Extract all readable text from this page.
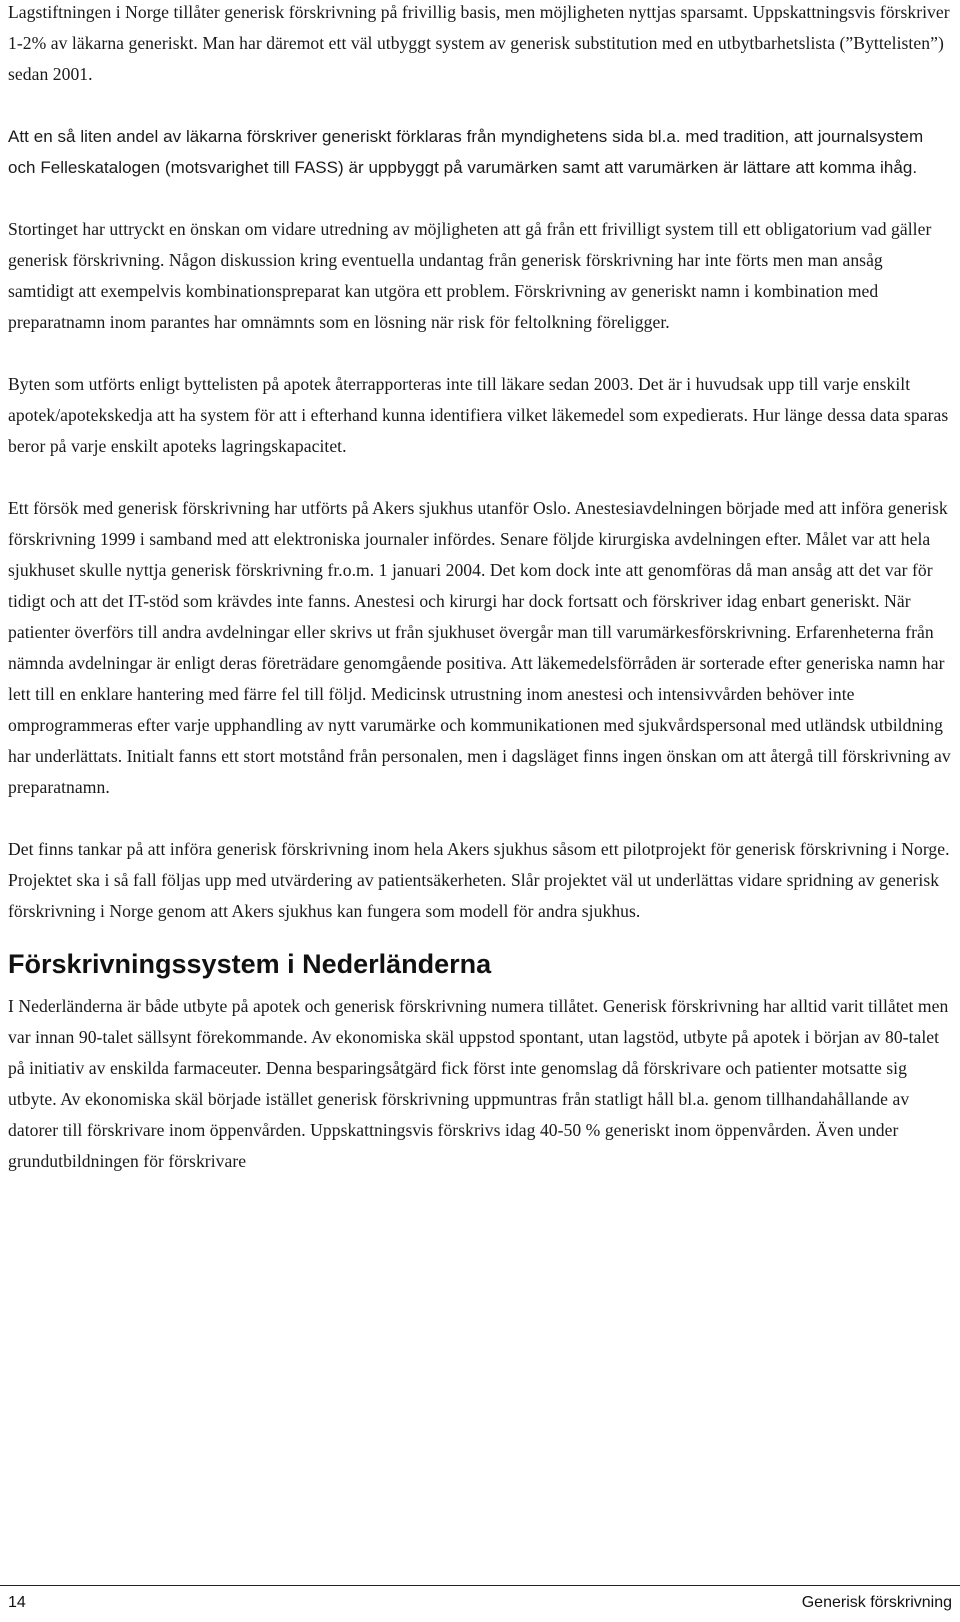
Lagstiftningen i Norge tillåter generisk förskrivning på frivillig basis, men möjligheten nyttjas sparsamt. Uppskattningsvis förskriver 1-2% av läkarna generiskt. Man har däremot ett väl utbyggt system av generisk substitution med en utbytbarhetslista (”Byttelisten”) sedan 2001.

Att en så liten andel av läkarna förskriver generiskt förklaras från myndighetens sida bl.a. med tradition, att journalsystem och Felleskatalogen (motsvarighet till FASS) är uppbyggt på varumärken samt att varumärken är lättare att komma ihåg.

Stortinget har uttryckt en önskan om vidare utredning av möjligheten att gå från ett frivilligt system till ett obligatorium vad gäller generisk förskrivning. Någon diskussion kring eventuella undantag från generisk förskrivning har inte förts men man ansåg samtidigt att exempelvis kombinationspreparat kan utgöra ett problem. Förskrivning av generiskt namn i kombination med preparatnamn inom parantes har omnämnts som en lösning när risk för feltolkning föreligger.

Byten som utförts enligt byttelisten på apotek återrapporteras inte till läkare sedan 2003. Det är i huvudsak upp till varje enskilt apotek/apotekskedja att ha system för att i efterhand kunna identifiera vilket läkemedel som expedierats. Hur länge dessa data sparas beror på varje enskilt apoteks lagringskapacitet.

Ett försök med generisk förskrivning har utförts på Akers sjukhus utanför Oslo. Anestesiavdelningen började med att införa generisk förskrivning 1999 i samband med att elektroniska journaler infördes. Senare följde kirurgiska avdelningen efter. Målet var att hela sjukhuset skulle nyttja generisk förskrivning fr.o.m. 1 januari 2004. Det kom dock inte att genomföras då man ansåg att det var för tidigt och att det IT-stöd som krävdes inte fanns. Anestesi och kirurgi har dock fortsatt och förskriver idag enbart generiskt. När patienter överförs till andra avdelningar eller skrivs ut från sjukhuset övergår man till varumärkesförskrivning. Erfarenheterna från nämnda avdelningar är enligt deras företrädare genomgående positiva. Att läkemedelsförråden är sorterade efter generiska namn har lett till en enklare hantering med färre fel till följd. Medicinsk utrustning inom anestesi och intensivvården behöver inte omprogrammeras efter varje upphandling av nytt varumärke och kommunikationen med sjukvårdspersonal med utländsk utbildning har underlättats. Initialt fanns ett stort motstånd från personalen, men i dagsläget finns ingen önskan om att återgå till förskrivning av preparatnamn.

Det finns tankar på att införa generisk förskrivning inom hela Akers sjukhus såsom ett pilotprojekt för generisk förskrivning i Norge. Projektet ska i så fall följas upp med utvärdering av patientsäkerheten. Slår projektet väl ut underlättas vidare spridning av generisk förskrivning i Norge genom att Akers sjukhus kan fungera som modell för andra sjukhus.

Förskrivningssystem i Nederländerna

I Nederländerna är både utbyte på apotek och generisk förskrivning numera tillåtet. Generisk förskrivning har alltid varit tillåtet men var innan 90-talet sällsynt förekommande. Av ekonomiska skäl uppstod spontant, utan lagstöd, utbyte på apotek i början av 80-talet på initiativ av enskilda farmaceuter. Denna besparingsåtgärd fick först inte genomslag då förskrivare och patienter motsatte sig utbyte. Av ekonomiska skäl började istället generisk förskrivning uppmuntras från statligt håll bl.a. genom tillhandahållande av datorer till förskrivare inom öppenvården. Uppskattningsvis förskrivs idag 40-50 % generiskt inom öppenvården. Även under grundutbildningen för förskrivare

14	Generisk förskrivning
